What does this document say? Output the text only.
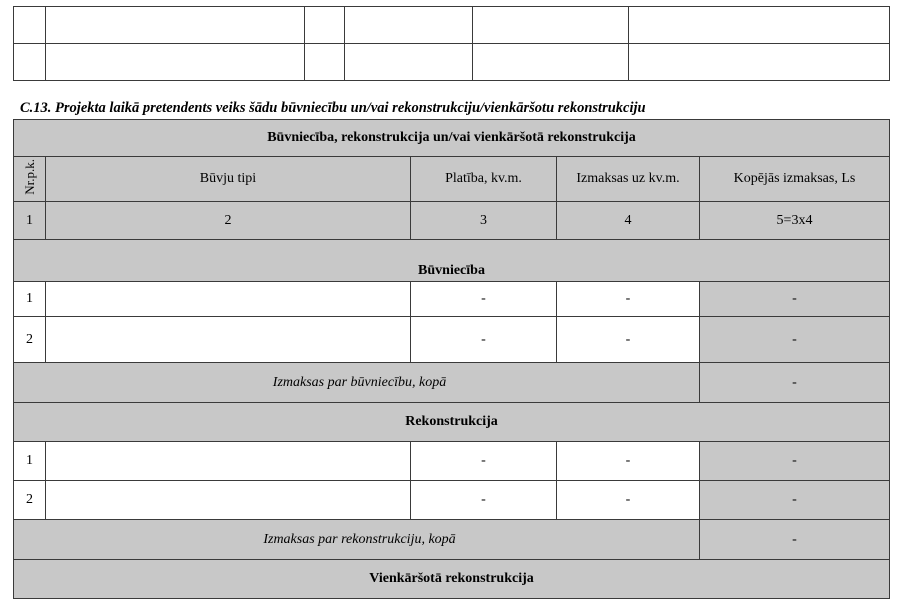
C.13. Projekta laikā pretendents veiks šādu būvniecību un/vai rekonstrukciju/vienkāršotu rekonstrukciju
Būvniecība, rekonstrukcija un/vai vienkāršotā rekonstrukcija				
Nr.p.k.	Būvju tipi	Platība, kv.m.	Izmaksas uz kv.m.	Kopējās izmaksas, Ls
1	2	3	4	5=3x4
Būvniecība				
1		-	-	-
2		-	-	-
Izmaksas par būvniecību, kopā				-
Rekonstrukcija				
1		-	-	-
2		-	-	-
Izmaksas par rekonstrukciju, kopā				-
Vienkāršotā rekonstrukcija				
